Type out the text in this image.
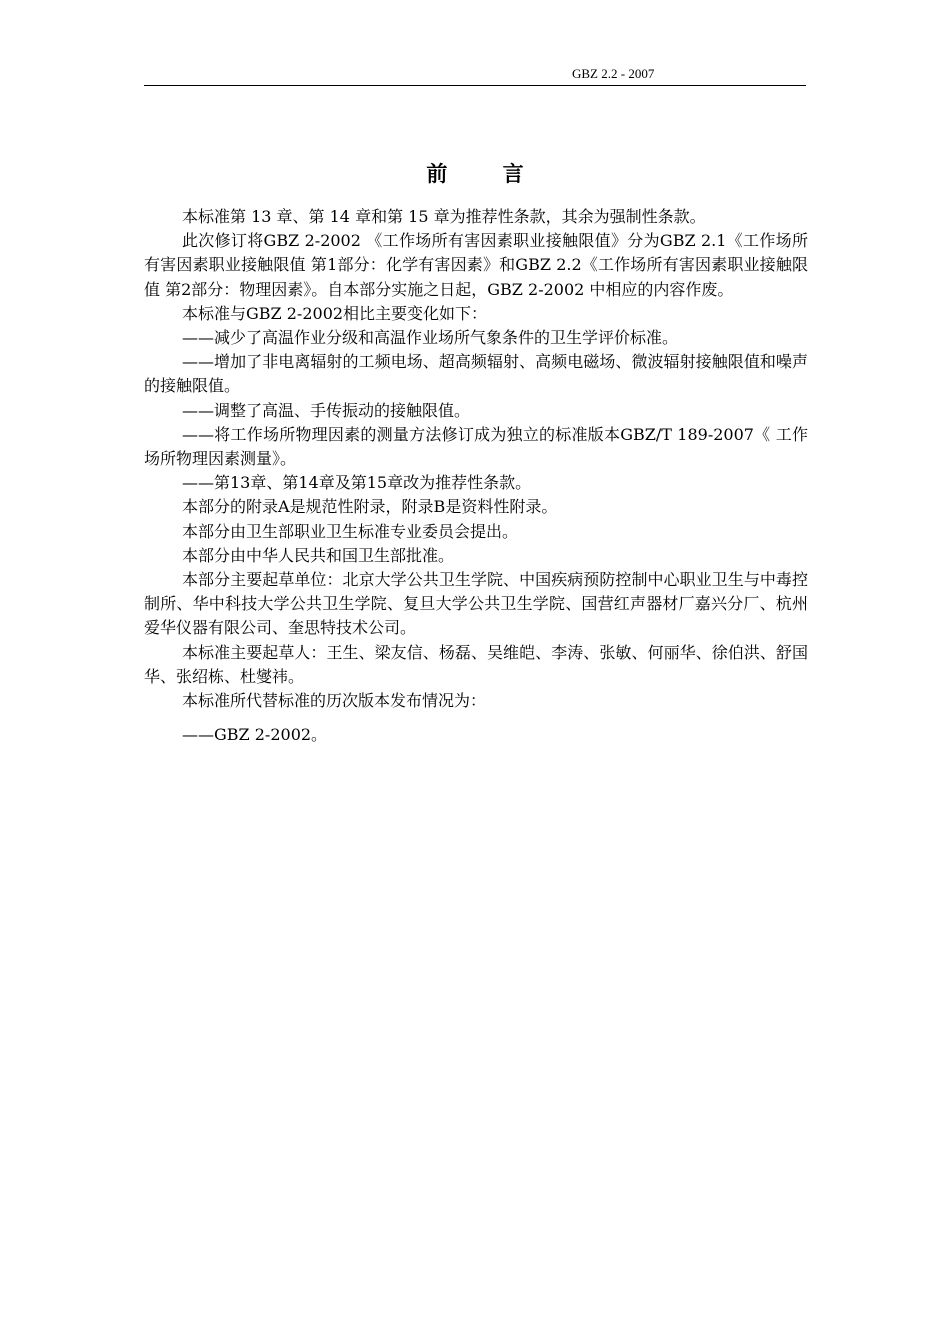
GBZ 2.2 - 2007
前 言

本标准第 13 章、第 14 章和第 15 章为推荐性条款，其余为强制性条款。

此次修订将GBZ 2-2002 《工作场所有害因素职业接触限值》分为GBZ 2.1《工作场所有害因素职业接触限值 第1部分：化学有害因素》和GBZ 2.2《工作场所有害因素职业接触限值 第2部分：物理因素》。自本部分实施之日起，GBZ 2-2002 中相应的内容作废。

本标准与GBZ 2-2002相比主要变化如下：

——减少了高温作业分级和高温作业场所气象条件的卫生学评价标准。

——增加了非电离辐射的工频电场、超高频辐射、高频电磁场、微波辐射接触限值和噪声的接触限值。

——调整了高温、手传振动的接触限值。

——将工作场所物理因素的测量方法修订成为独立的标准版本GBZ/T 189-2007《 工作场所物理因素测量》。

——第13章、第14章及第15章改为推荐性条款。

本部分的附录A是规范性附录，附录B是资料性附录。

本部分由卫生部职业卫生标准专业委员会提出。

本部分由中华人民共和国卫生部批准。

本部分主要起草单位：北京大学公共卫生学院、中国疾病预防控制中心职业卫生与中毒控制所、华中科技大学公共卫生学院、复旦大学公共卫生学院、国营红声器材厂嘉兴分厂、杭州爱华仪器有限公司、奎思特技术公司。

本标准主要起草人：王生、梁友信、杨磊、吴维皑、李涛、张敏、何丽华、徐伯洪、舒国华、张绍栋、杜燮祎。

本标准所代替标准的历次版本发布情况为：

——GBZ 2-2002。
